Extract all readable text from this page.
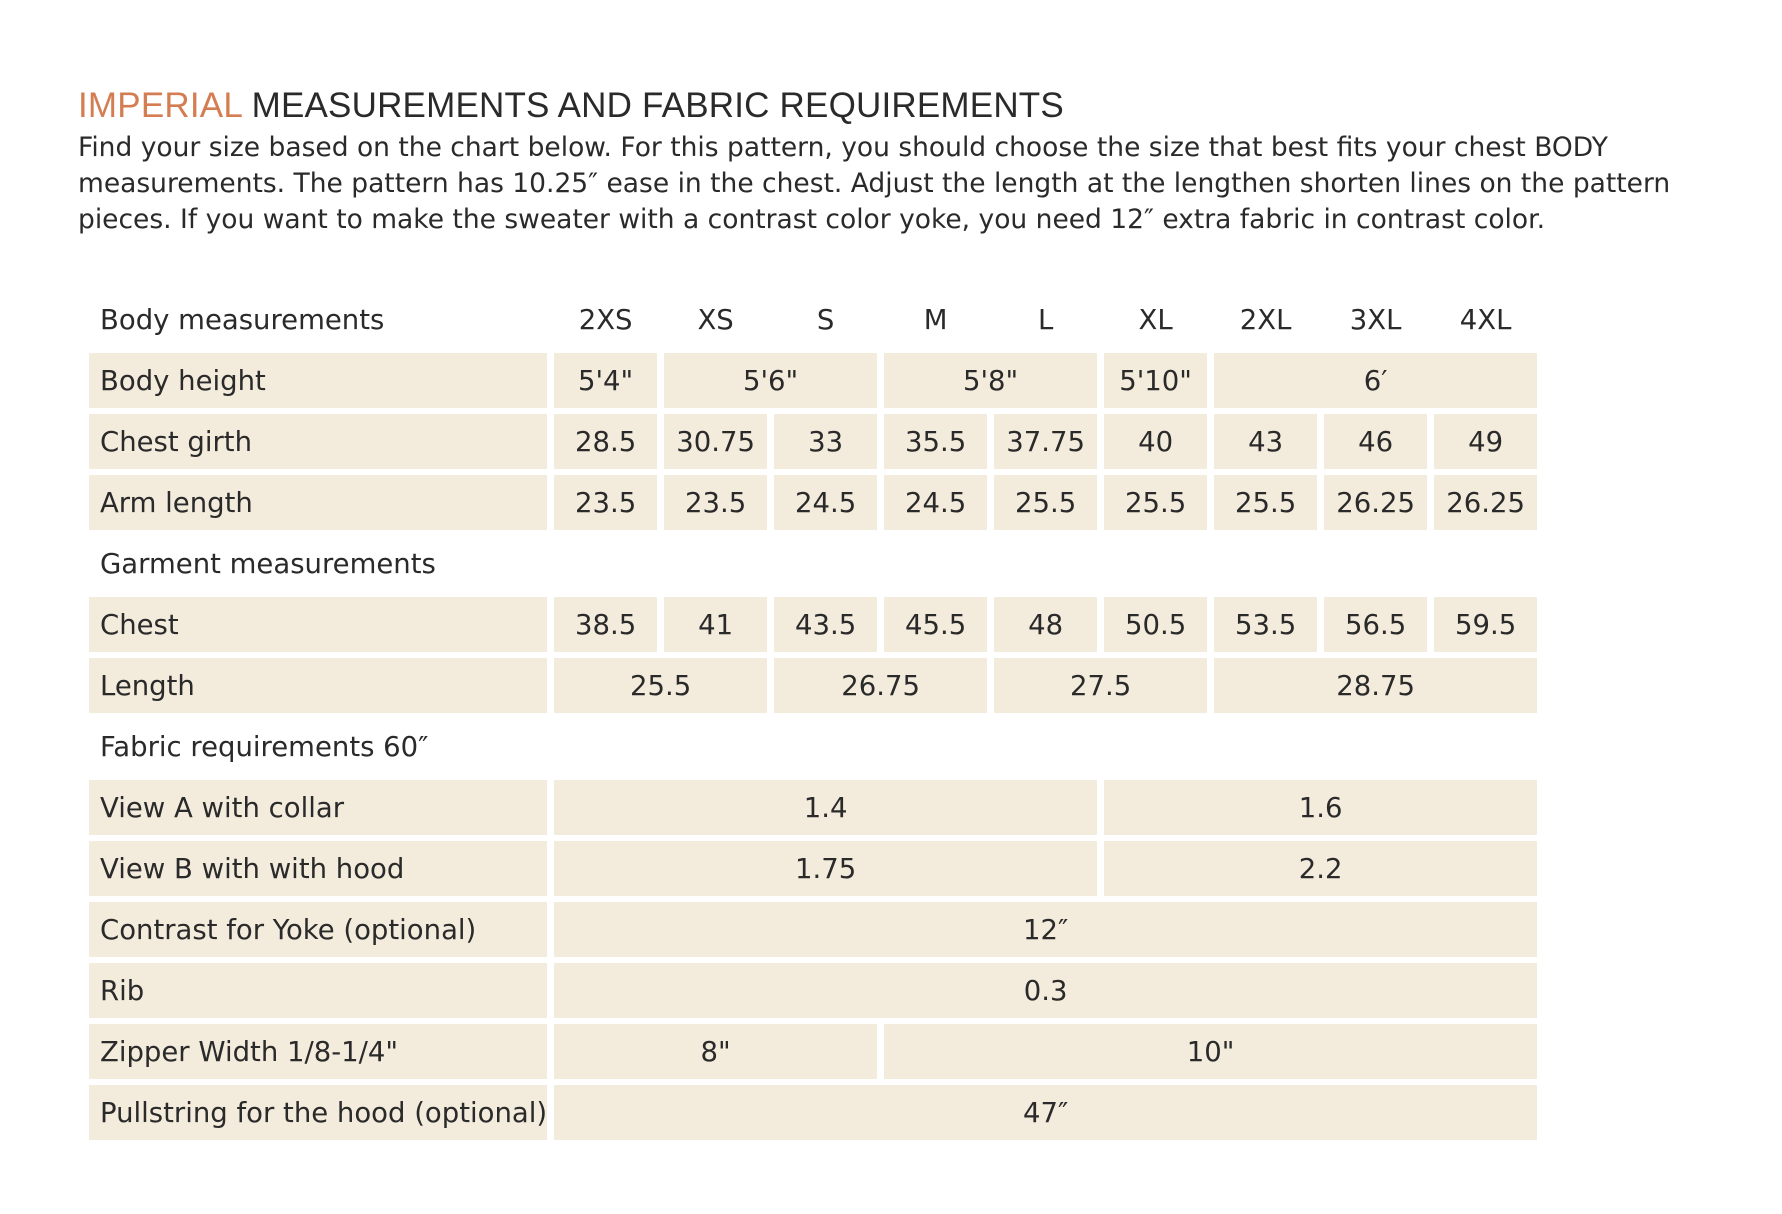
IMPERIAL MEASUREMENTS AND FABRIC REQUIREMENTS

Find your size based on the chart below. For this pattern, you should choose the size that best fits your chest BODY measurements. The pattern has 10.25″ ease in the chest. Adjust the length at the lengthen shorten lines on the pattern pieces. If you want to make the sweater with a contrast color yoke, you need 12″ extra fabric in contrast color.

Body measurements	2XS	XS	S	M	L	XL	2XL	3XL	4XL
Body height	5'4"	5'6"		5'8"		5'10"	6′		
Chest girth	28.5	30.75	33	35.5	37.75	40	43	46	49
Arm length	23.5	23.5	24.5	24.5	25.5	25.5	25.5	26.25	26.25
Garment measurements									
Chest	38.5	41	43.5	45.5	48	50.5	53.5	56.5	59.5
Length	25.5		26.75		27.5		28.75		
Fabric requirements 60″									
View A with collar	1.4					1.6			
View B with with hood	1.75					2.2			
Contrast for Yoke (optional)	12″								
Rib	0.3								
Zipper Width 1/8-1/4"	8"			10"					
Pullstring for the hood (optional)	47″								
